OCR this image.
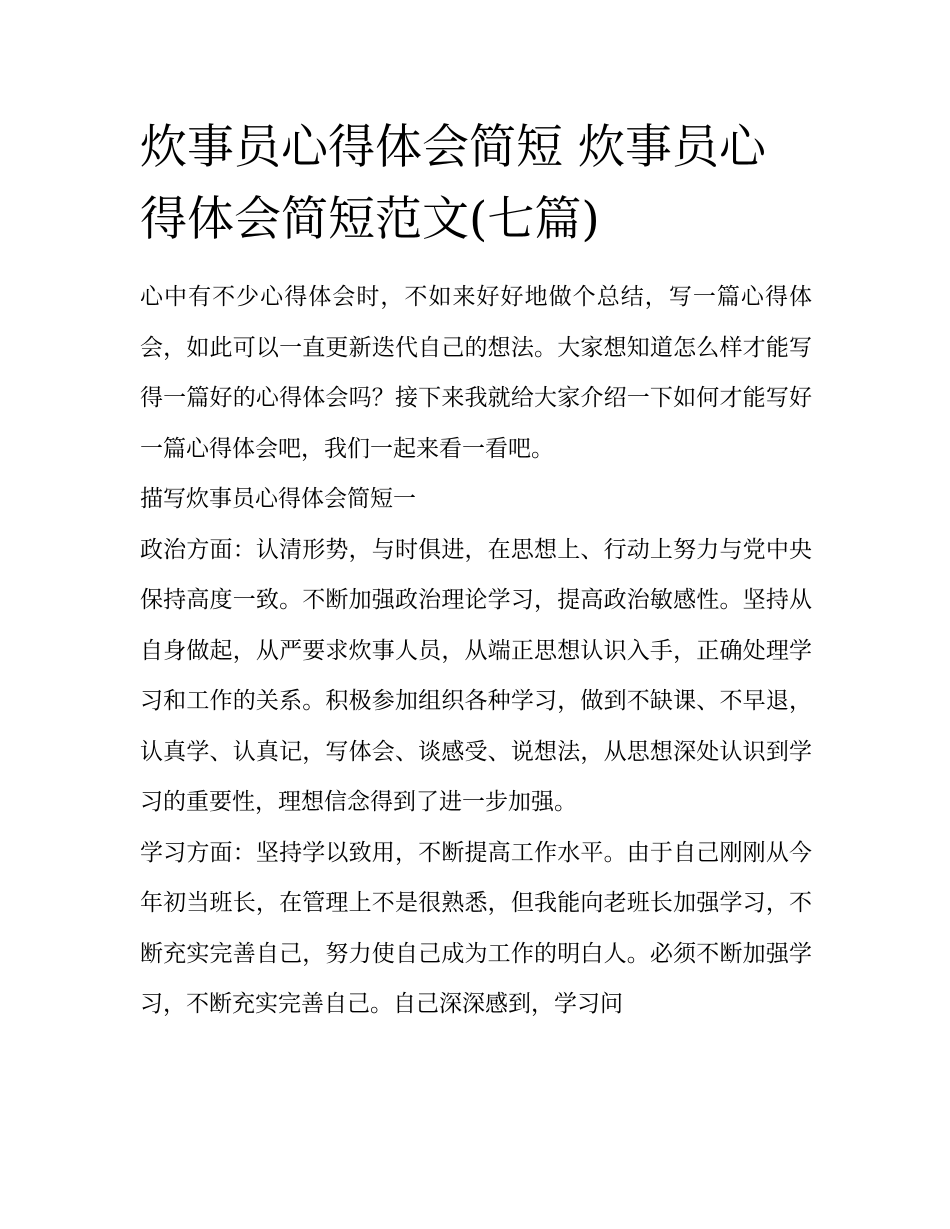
炊事员心得体会简短 炊事员心得体会简短范文(七篇)

心中有不少心得体会时，不如来好好地做个总结，写一篇心得体会，如此可以一直更新迭代自己的想法。大家想知道怎么样才能写得一篇好的心得体会吗？接下来我就给大家介绍一下如何才能写好一篇心得体会吧，我们一起来看一看吧。

描写炊事员心得体会简短一

政治方面：认清形势，与时俱进，在思想上、行动上努力与党中央保持高度一致。不断加强政治理论学习，提高政治敏感性。坚持从自身做起，从严要求炊事人员，从端正思想认识入手，正确处理学习和工作的关系。积极参加组织各种学习，做到不缺课、不早退，认真学、认真记，写体会、谈感受、说想法，从思想深处认识到学习的重要性，理想信念得到了进一步加强。

学习方面：坚持学以致用，不断提高工作水平。由于自己刚刚从今年初当班长，在管理上不是很熟悉，但我能向老班长加强学习，不断充实完善自己，努力使自己成为工作的明白人。必须不断加强学习，不断充实完善自己。自己深深感到，学习问
